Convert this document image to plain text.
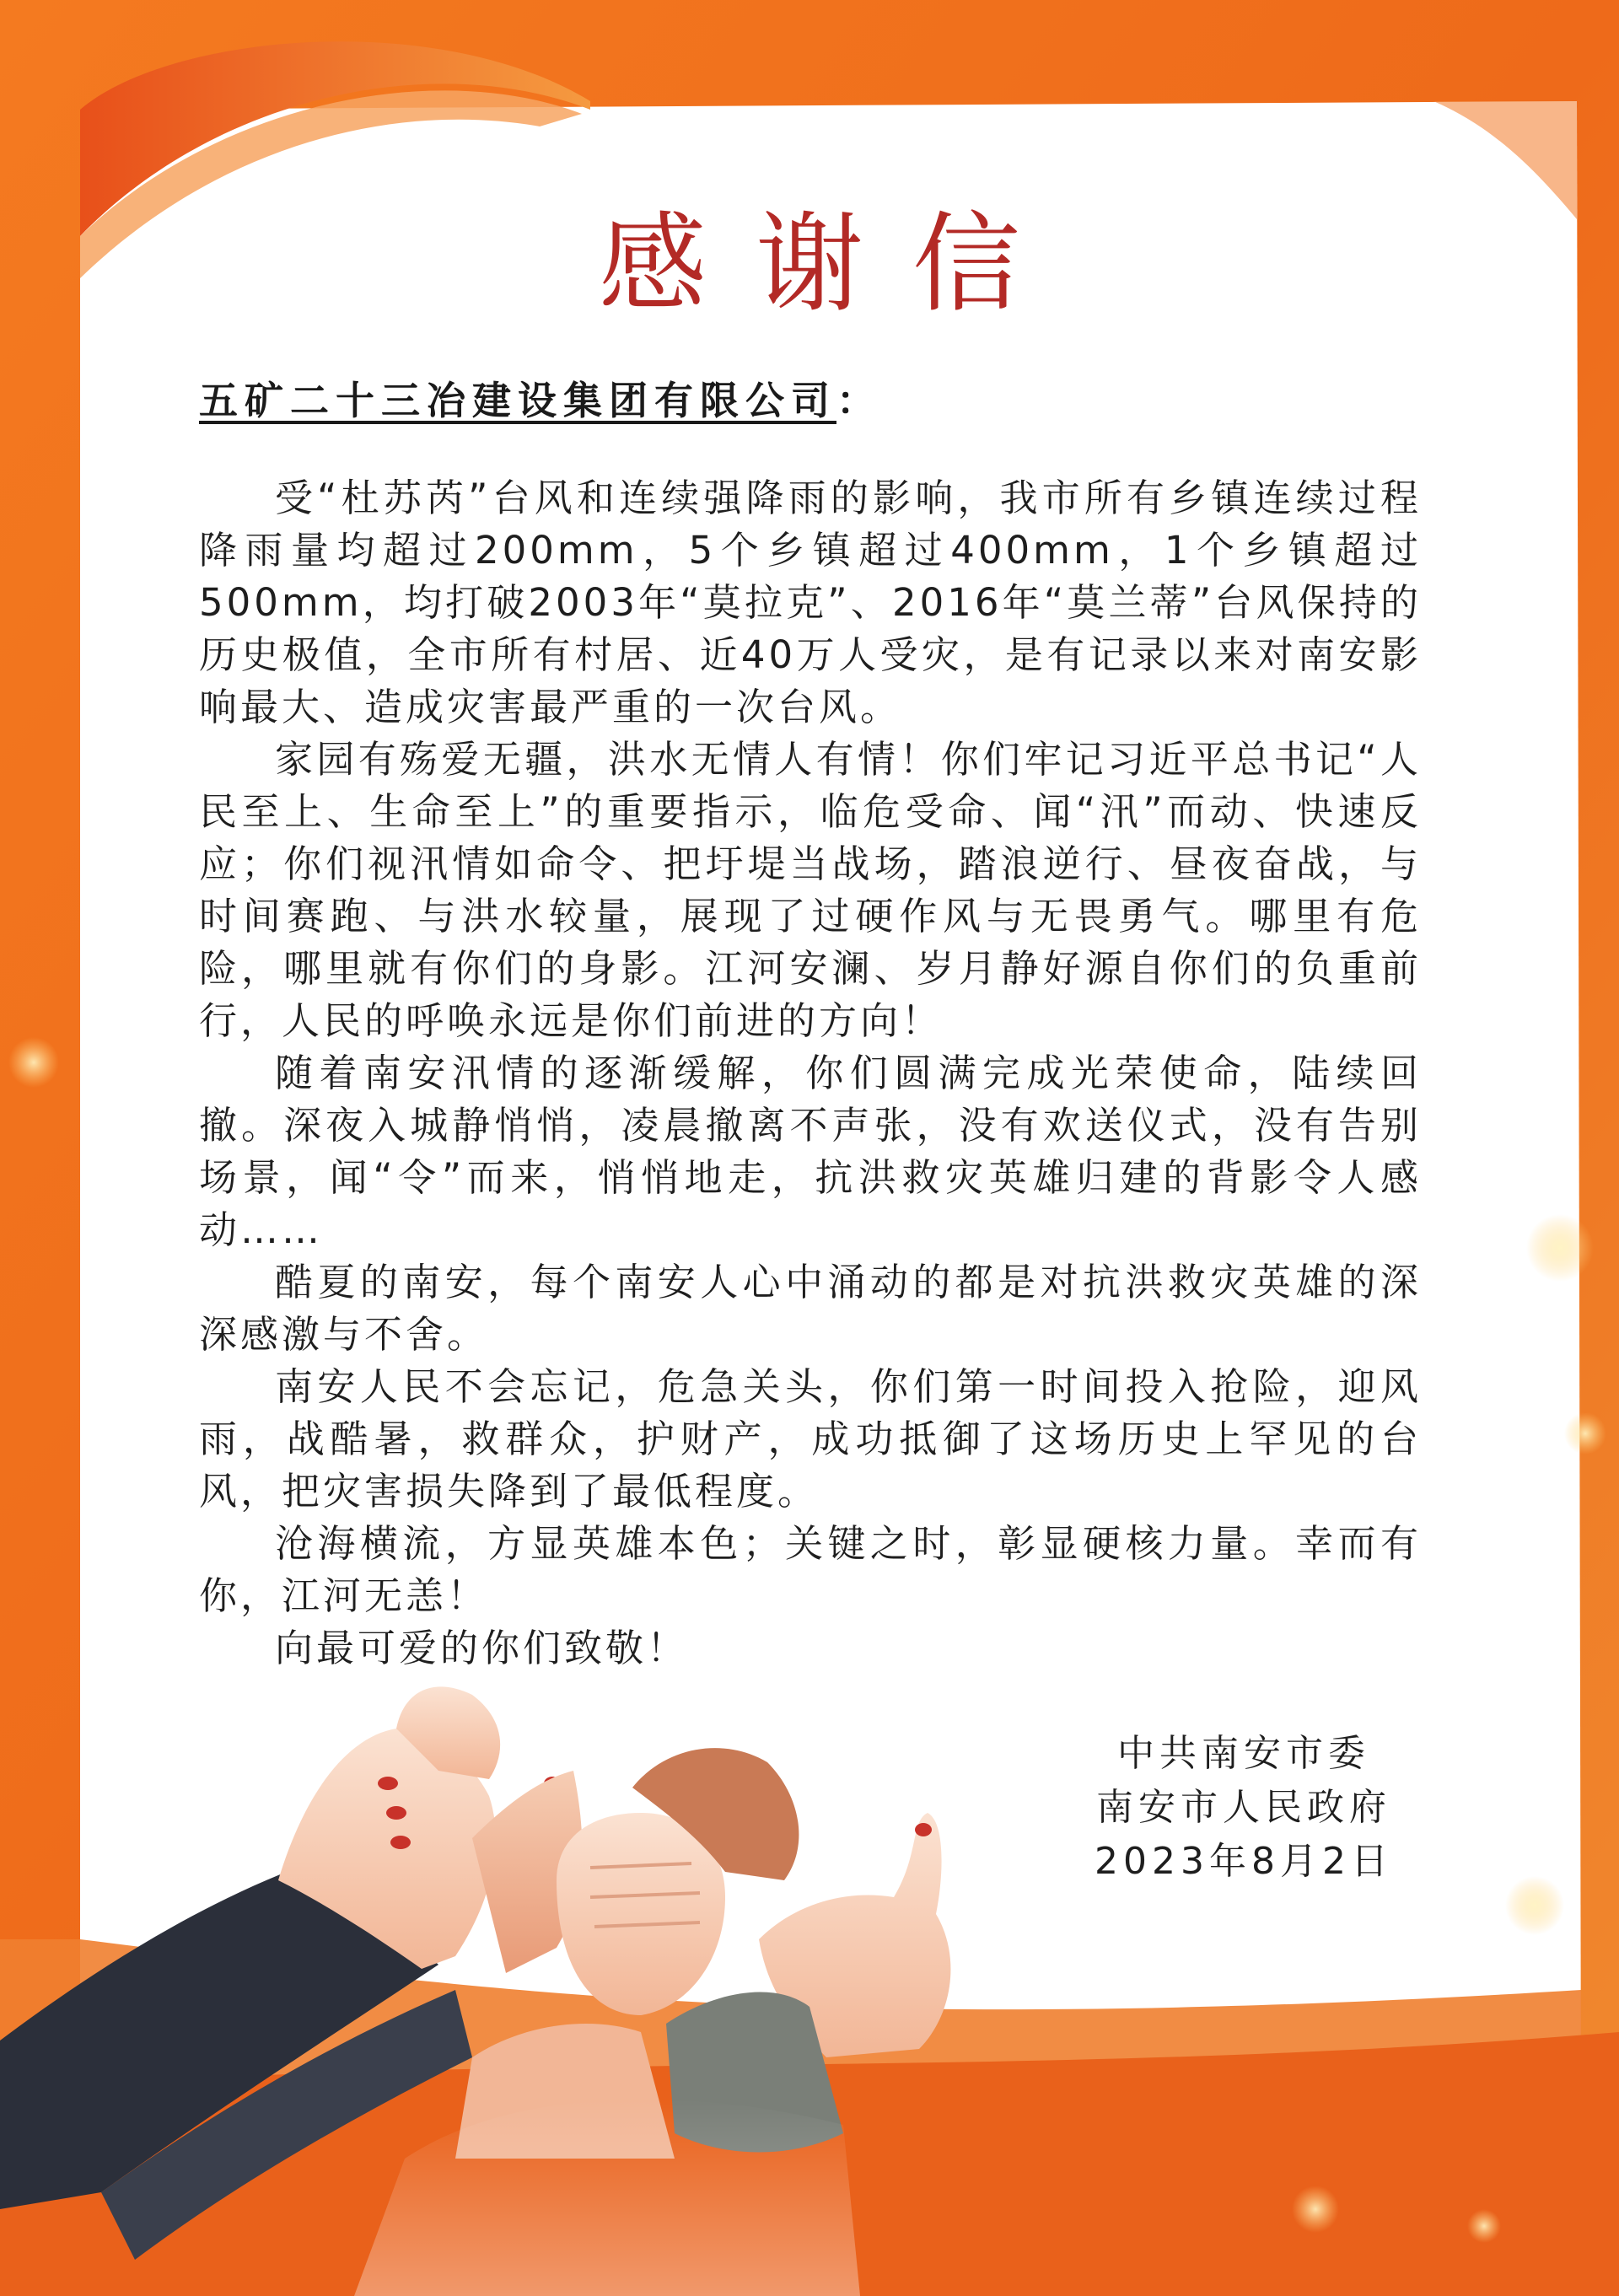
感谢信
五矿二十三冶建设集团有限公司：

受“杜苏芮”台风和连续强降雨的影响，我市所有乡镇连续过程降雨量均超过200mm，5个乡镇超过400mm，1个乡镇超过500mm，均打破2003年“莫拉克”、2016年“莫兰蒂”台风保持的历史极值，全市所有村居、近40万人受灾，是有记录以来对南安影响最大、造成灾害最严重的一次台风。

家园有殇爱无疆，洪水无情人有情！你们牢记习近平总书记“人民至上、生命至上”的重要指示，临危受命、闻“汛”而动、快速反应；你们视汛情如命令、把圩堤当战场，踏浪逆行、昼夜奋战，与时间赛跑、与洪水较量，展现了过硬作风与无畏勇气。哪里有危险，哪里就有你们的身影。江河安澜、岁月静好源自你们的负重前行，人民的呼唤永远是你们前进的方向！

随着南安汛情的逐渐缓解，你们圆满完成光荣使命，陆续回撤。深夜入城静悄悄，凌晨撤离不声张，没有欢送仪式，没有告别场景，闻“令”而来，悄悄地走，抗洪救灾英雄归建的背影令人感动……

酷夏的南安，每个南安人心中涌动的都是对抗洪救灾英雄的深深感激与不舍。

南安人民不会忘记，危急关头，你们第一时间投入抢险，迎风雨，战酷暑，救群众，护财产，成功抵御了这场历史上罕见的台风，把灾害损失降到了最低程度。

沧海横流，方显英雄本色；关键之时，彰显硬核力量。幸而有你，江河无恙！

向最可爱的你们致敬！

中共南安市委
南安市人民政府
2023年8月2日
